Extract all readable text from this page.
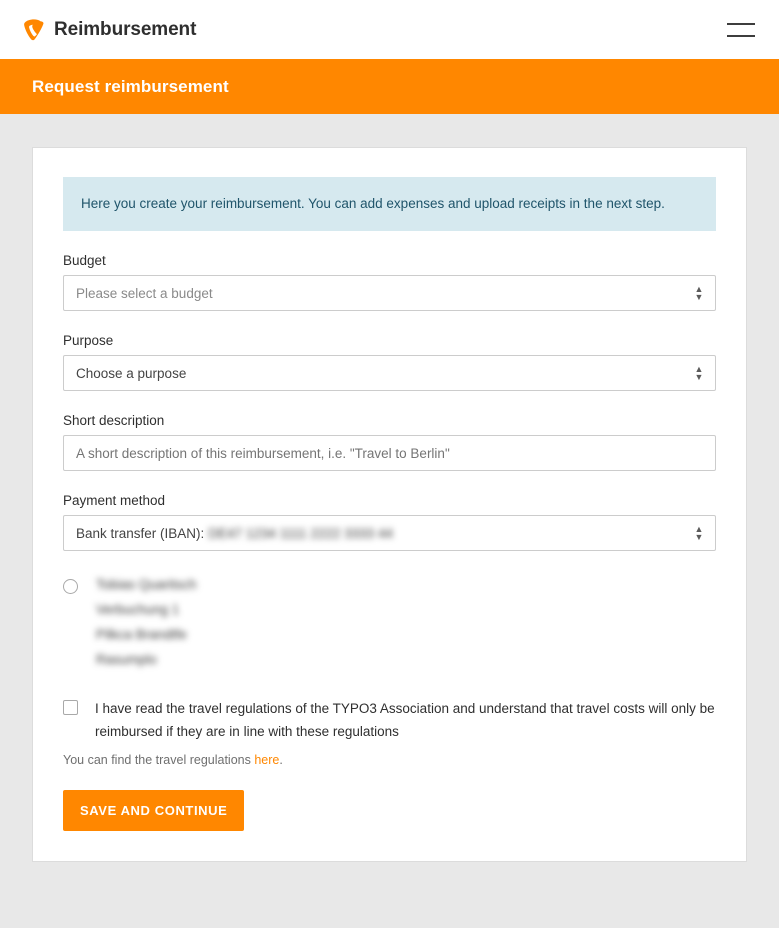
Reimbursement
Request reimbursement
Here you create your reimbursement. You can add expenses and upload receipts in the next step.
Budget
Please select a budget	▲
▼
Purpose
Choose a purpose	▲
▼
Short description
A short description of this reimbursement, i.e. "Travel to Berlin"
Payment method
Bank transfer (IBAN): DE47 1234 1111 2222 3333 44	▲
▼
Tobias Quaritsch
Verbuchung 1
Pilkca Brandtfe
Rasumplo
I have read the travel regulations of the TYPO3 Association and understand that travel costs will only be reimbursed if they are in line with these regulations
You can find the travel regulations here.
SAVE AND CONTINUE
